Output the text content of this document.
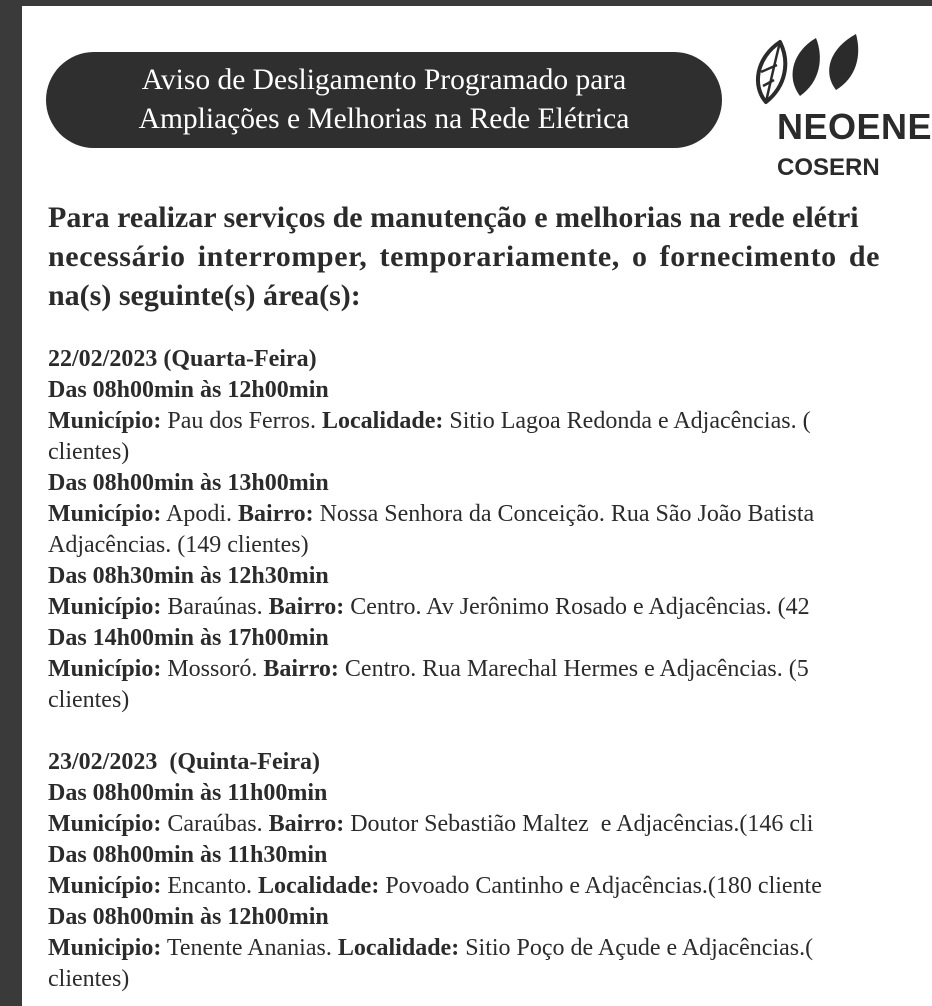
Aviso de Desligamento Programado para
Ampliações e Melhorias na Rede Elétrica	NEOENE
COSERN
Para realizar serviços de manutenção e melhorias na rede elétri
necessário interromper, temporariamente, o fornecimento de
na(s) seguinte(s) área(s):
22/02/2023 (Quarta-Feira)
Das 08h00min às 12h00min
Município: Pau dos Ferros. Localidade: Sitio Lagoa Redonda e Adjacências. (
clientes)
Das 08h00min às 13h00min
Município: Apodi. Bairro: Nossa Senhora da Conceição. Rua São João Batista
Adjacências. (149 clientes)
Das 08h30min às 12h30min
Município: Baraúnas. Bairro: Centro. Av Jerônimo Rosado e Adjacências. (42
Das 14h00min às 17h00min
Município: Mossoró. Bairro: Centro. Rua Marechal Hermes e Adjacências. (5
clientes)
23/02/2023  (Quinta-Feira)
Das 08h00min às 11h00min
Município: Caraúbas. Bairro: Doutor Sebastião Maltez  e Adjacências.(146 cli
Das 08h00min às 11h30min
Município: Encanto. Localidade: Povoado Cantinho e Adjacências.(180 cliente
Das 08h00min às 12h00min
Municipio: Tenente Ananias. Localidade: Sitio Poço de Açude e Adjacências.(
clientes)
